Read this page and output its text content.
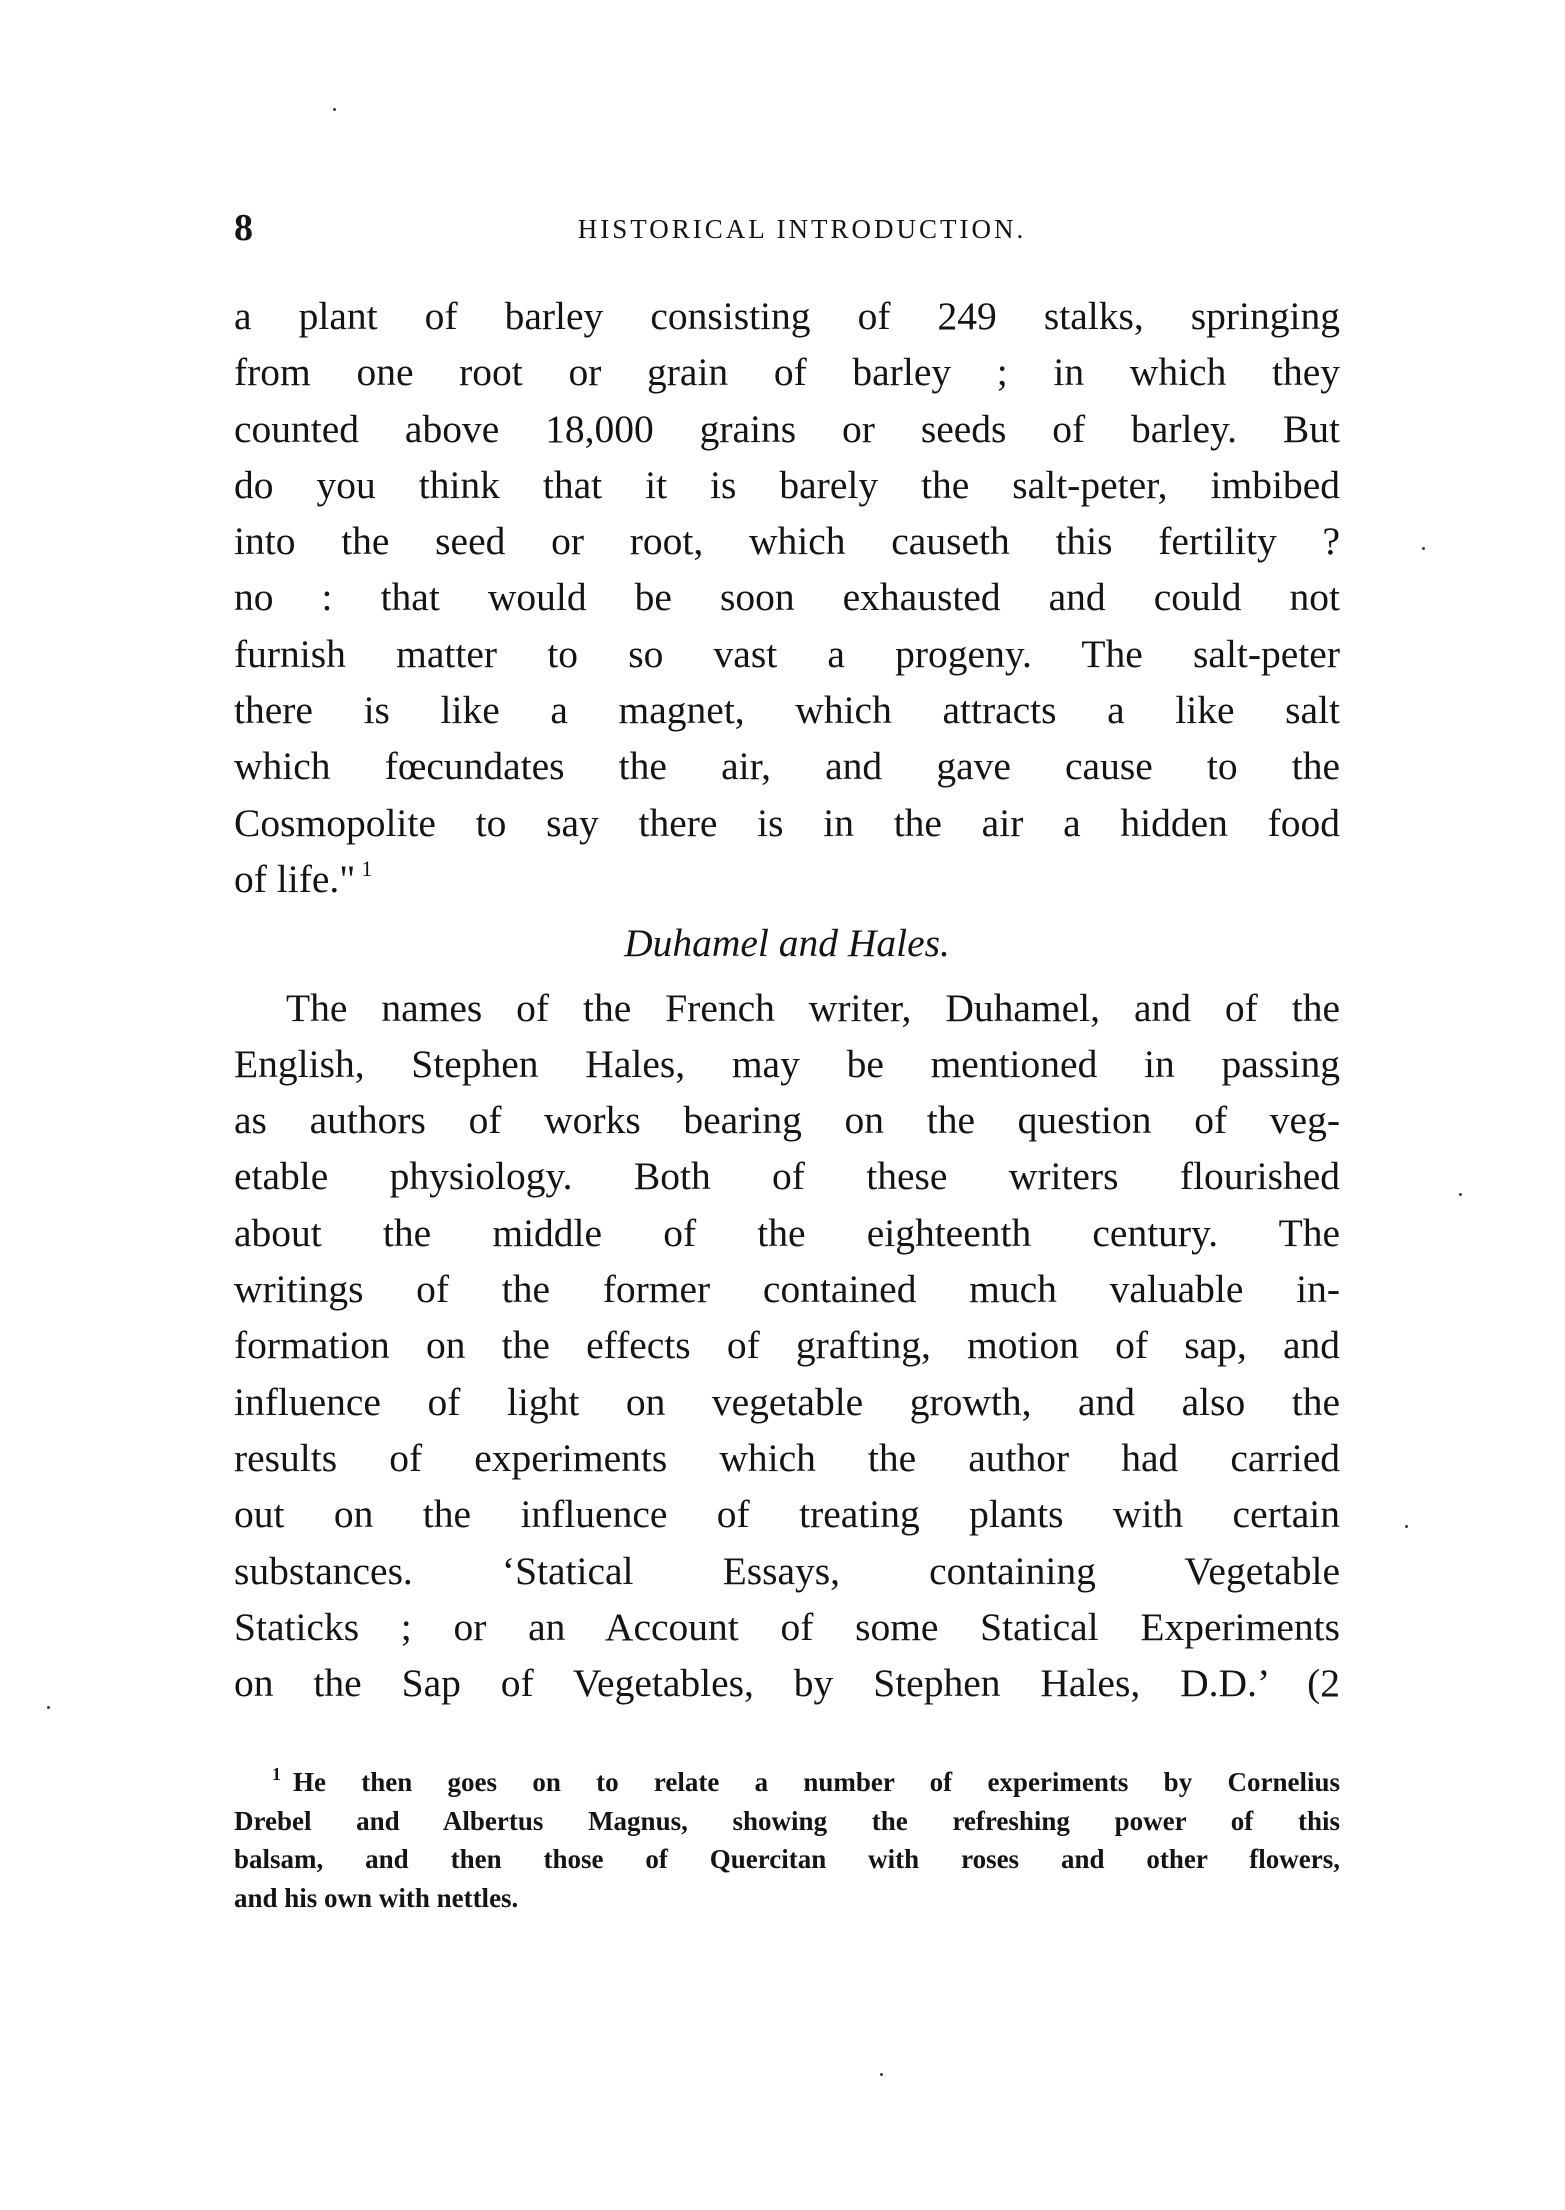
8	HISTORICAL INTRODUCTION.
a plant of barley consisting of 249 stalks, springing
from one root or grain of barley ; in which they
counted above 18,000 grains or seeds of barley. But
do you think that it is barely the salt-peter, imbibed
into the seed or root, which causeth this fertility ?
no : that would be soon exhausted and could not
furnish matter to so vast a progeny. The salt-peter
there is like a magnet, which attracts a like salt
which fœcundates the air, and gave cause to the
Cosmopolite to say there is in the air a hidden food
of life." $^1$
Duhamel and Hales.
The names of the French writer, Duhamel, and of the
English, Stephen Hales, may be mentioned in passing
as authors of works bearing on the question of veg-
etable physiology. Both of these writers flourished
about the middle of the eighteenth century. The
writings of the former contained much valuable in-
formation on the effects of grafting, motion of sap, and
influence of light on vegetable growth, and also the
results of experiments which the author had carried
out on the influence of treating plants with certain
substances. ‘Statical Essays, containing Vegetable
Staticks ; or an Account of some Statical Experiments
on the Sap of Vegetables, by Stephen Hales, D.D.’ (2
$^1$ He then goes on to relate a number of experiments by Cornelius
Drebel and Albertus Magnus, showing the refreshing power of this
balsam, and then those of Quercitan with roses and other flowers,
and his own with nettles.
